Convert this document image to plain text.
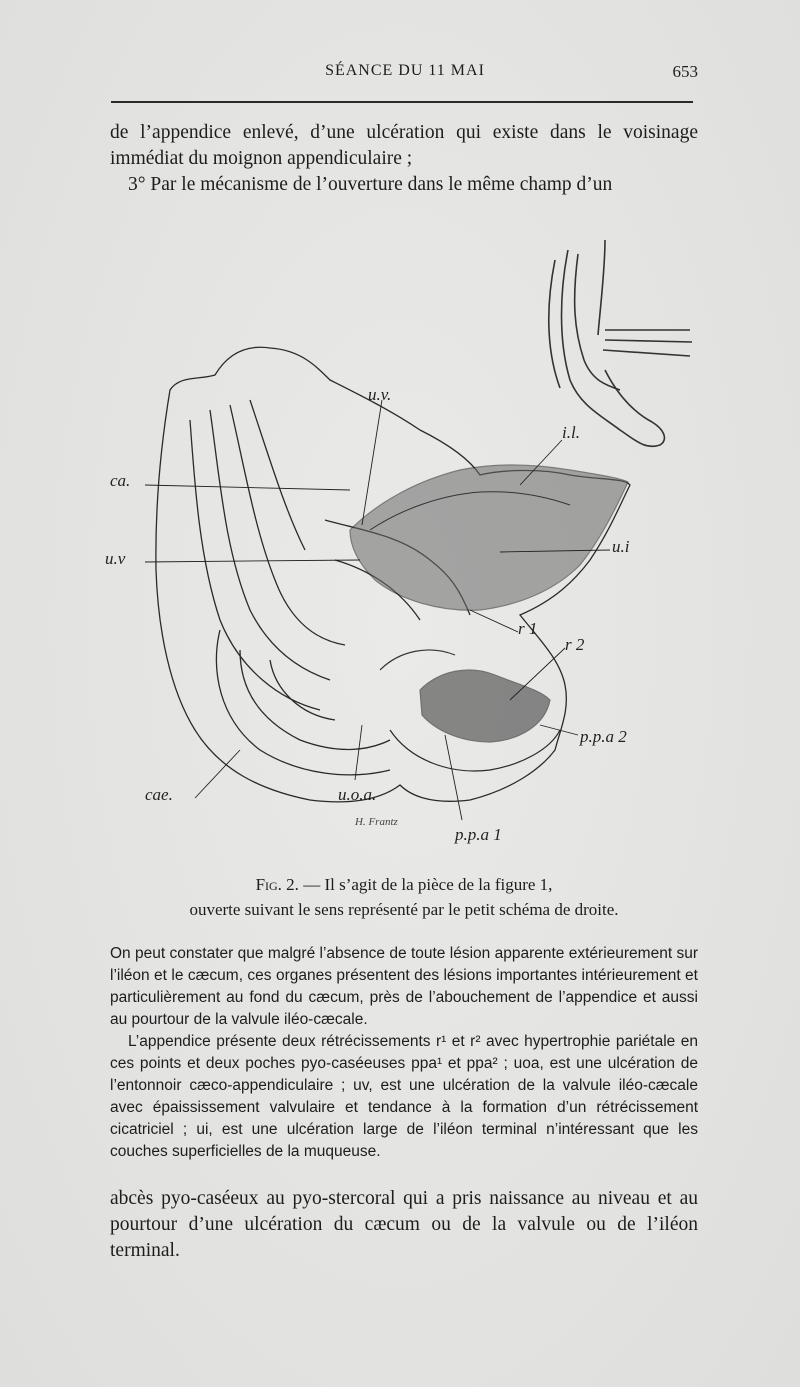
SÉANCE DU 11 MAI	653
de l’appendice enlevé, d’une ulcération qui existe dans le voisinage immédiat du moignon appendiculaire ;
3° Par le mécanisme de l’ouverture dans le même champ d’un
u.v.
i.l.
ca.
u.i
u.v
r 1
r 2
p.p.a 2
cae.	u.o.a.
p.p.a 1
H. Frantz
Fig. 2. — Il s’agit de la pièce de la figure 1,
ouverte suivant le sens représenté par le petit schéma de droite.

On peut constater que malgré l’absence de toute lésion apparente extérieurement sur l’iléon et le cæcum, ces organes présentent des lésions importantes intérieurement et particulièrement au fond du cæcum, près de l’abouchement de l’appendice et aussi au pourtour de la valvule iléo-cæcale.

L’appendice présente deux rétrécissements r¹ et r² avec hypertrophie pariétale en ces points et deux poches pyo-caséeuses ppa¹ et ppa² ; uoa, est une ulcération de l’entonnoir cæco-appendiculaire ; uv, est une ulcération de la valvule iléo-cæcale avec épaississement valvulaire et tendance à la formation d’un rétrécissement cicatriciel ; ui, est une ulcération large de l’iléon terminal n’intéressant que les couches superficielles de la muqueuse.

abcès pyo-caséeux au pyo-stercoral qui a pris naissance au niveau et au pourtour d’une ulcération du cæcum ou de la valvule ou de l’iléon terminal.
